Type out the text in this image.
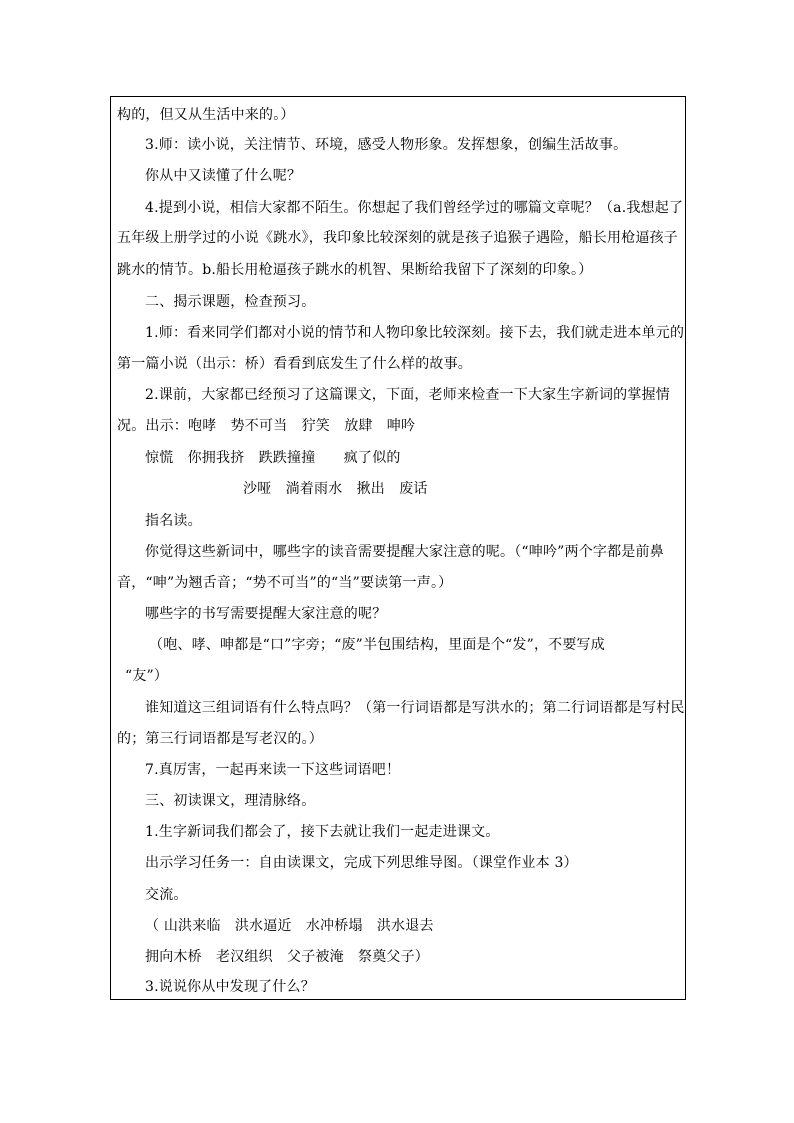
构的，但又从生活中来的。）
3.师：读小说，关注情节、环境，感受人物形象。发挥想象，创编生活故事。
你从中又读懂了什么呢？
4.提到小说，相信大家都不陌生。你想起了我们曾经学过的哪篇文章呢？（a.我想起了
五年级上册学过的小说《跳水》，我印象比较深刻的就是孩子追猴子遇险，船长用枪逼孩子
跳水的情节。b.船长用枪逼孩子跳水的机智、果断给我留下了深刻的印象。）
二、揭示课题，检查预习。
1.师：看来同学们都对小说的情节和人物印象比较深刻。接下去，我们就走进本单元的
第一篇小说（出示：桥）看看到底发生了什么样的故事。
2.课前，大家都已经预习了这篇课文，下面，老师来检查一下大家生字新词的掌握情
况。出示：咆哮　势不可当　狞笑　放肆　呻吟
惊慌　你拥我挤　跌跌撞撞　　疯了似的
沙哑　淌着雨水　揪出　废话
指名读。
你觉得这些新词中，哪些字的读音需要提醒大家注意的呢。（“呻吟”两个字都是前鼻
音，“呻”为翘舌音；“势不可当”的“当”要读第一声。）
哪些字的书写需要提醒大家注意的呢？
（咆、哮、呻都是“口”字旁；“废”半包围结构，里面是个“发”，不要写成
“友”）
谁知道这三组词语有什么特点吗？（第一行词语都是写洪水的；第二行词语都是写村民
的；第三行词语都是写老汉的。）
7.真厉害，一起再来读一下这些词语吧！
三、初读课文，理清脉络。
1.生字新词我们都会了，接下去就让我们一起走进课文。
出示学习任务一：自由读课文，完成下列思维导图。（课堂作业本 3）
交流。
（ 山洪来临　洪水逼近　水冲桥塌　洪水退去
拥向木桥　老汉组织　父子被淹　祭奠父子）
3.说说你从中发现了什么？
